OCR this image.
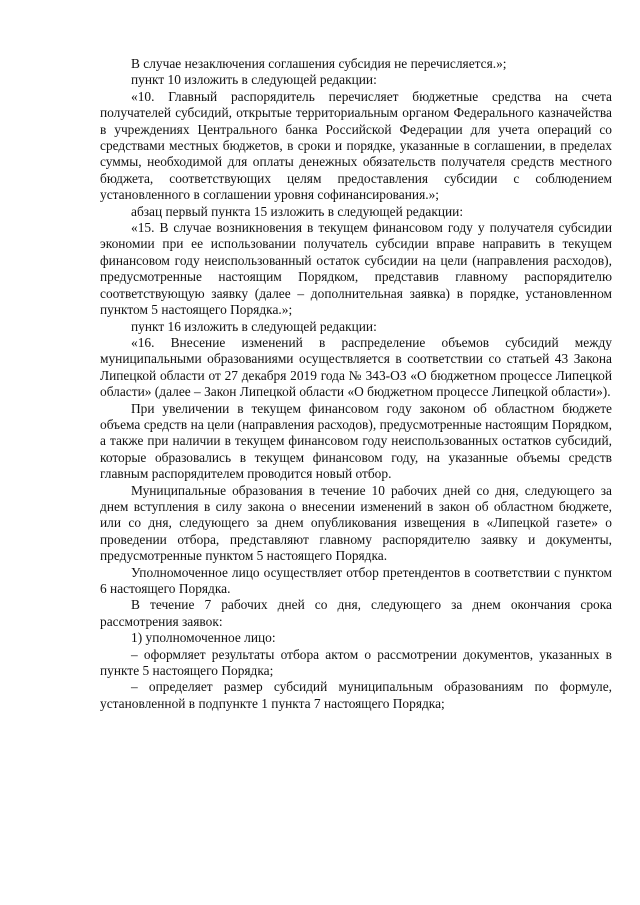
В случае незаключения соглашения субсидия не перечисляется.»;

пункт 10 изложить в следующей редакции:

«10. Главный распорядитель перечисляет бюджетные средства на счета получателей субсидий, открытые территориальным органом Федерального казначейства в учреждениях Центрального банка Российской Федерации для учета операций со средствами местных бюджетов, в сроки и порядке, указанные в соглашении, в пределах суммы, необходимой для оплаты денежных обязательств получателя средств местного бюджета, соответствующих целям предоставления субсидии с соблюдением установленного в соглашении уровня софинансирования.»;

абзац первый пункта 15 изложить в следующей редакции:

«15. В случае возникновения в текущем финансовом году у получателя субсидии экономии при ее использовании получатель субсидии вправе направить в текущем финансовом году неиспользованный остаток субсидии на цели (направления расходов), предусмотренные настоящим Порядком, представив главному распорядителю соответствующую заявку (далее – дополнительная заявка) в порядке, установленном пунктом 5 настоящего Порядка.»;

пункт 16 изложить в следующей редакции:

«16. Внесение изменений в распределение объемов субсидий между муниципальными образованиями осуществляется в соответствии со статьей 43 Закона Липецкой области от 27 декабря 2019 года № 343-ОЗ «О бюджетном процессе Липецкой области» (далее – Закон Липецкой области «О бюджетном процессе Липецкой области»).

При увеличении в текущем финансовом году законом об областном бюджете объема средств на цели (направления расходов), предусмотренные настоящим Порядком, а также при наличии в текущем финансовом году неиспользованных остатков субсидий, которые образовались в текущем финансовом году, на указанные объемы средств главным распорядителем проводится новый отбор.

Муниципальные образования в течение 10 рабочих дней со дня, следующего за днем вступления в силу закона о внесении изменений в закон об областном бюджете, или со дня, следующего за днем опубликования извещения в «Липецкой газете» о проведении отбора, представляют главному распорядителю заявку и документы, предусмотренные пунктом 5 настоящего Порядка.

Уполномоченное лицо осуществляет отбор претендентов в соответствии с пунктом 6 настоящего Порядка.

В течение 7 рабочих дней со дня, следующего за днем окончания срока рассмотрения заявок:

1) уполномоченное лицо:

– оформляет результаты отбора актом о рассмотрении документов, указанных в пункте 5 настоящего Порядка;

– определяет размер субсидий муниципальным образованиям по формуле, установленной в подпункте 1 пункта 7 настоящего Порядка;
